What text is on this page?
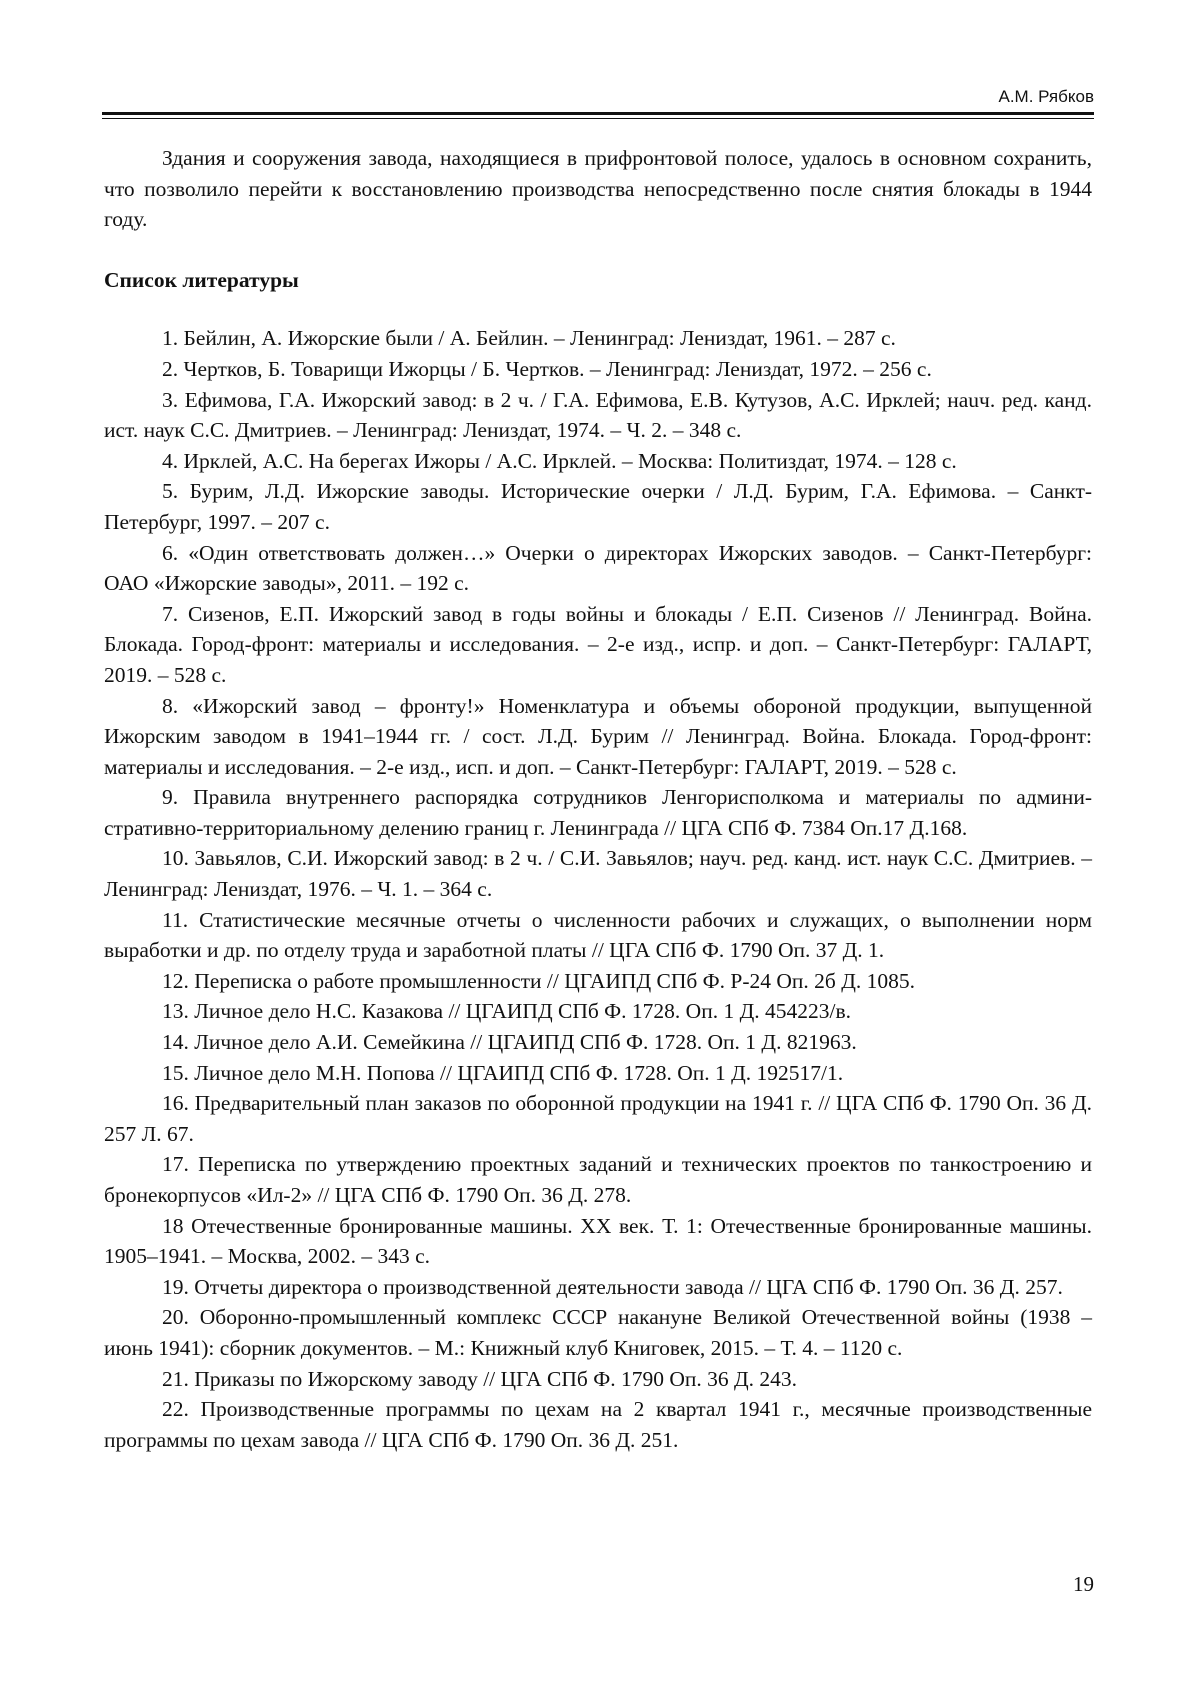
А.М. Рябков

Здания и сооружения завода, находящиеся в прифронтовой полосе, удалось в основном сохранить, что позволило перейти к восстановлению производства непосредственно после снятия блокады в 1944 году.

Список литературы

1. Бейлин, А. Ижорские были / А. Бейлин. – Ленинград: Лениздат, 1961. – 287 с.

2. Чертков, Б. Товарищи Ижорцы / Б. Чертков. – Ленинград: Лениздат, 1972. – 256 с.

3. Ефимова, Г.А. Ижорский завод: в 2 ч. / Г.А. Ефимова, Е.В. Кутузов, А.С. Ирклей; наuч. ред. канд. ист. наук С.С. Дмитриев. – Ленинград: Лениздат, 1974. – Ч. 2. – 348 с.

4. Ирклей, А.С. На берегах Ижоры / А.С. Ирклей. – Москва: Политиздат, 1974. – 128 с.

5. Бурим, Л.Д. Ижорские заводы. Исторические очерки / Л.Д. Бурим, Г.А. Ефимова. – Санкт-Петербург, 1997. – 207 с.

6. «Один ответствовать должен…» Очерки о директорах Ижорских заводов. – Санкт-Петербург: ОАО «Ижорские заводы», 2011. – 192 с.

7. Сизенов, Е.П. Ижорский завод в годы войны и блокады / Е.П. Сизенов // Ленинград. Война. Блокада. Город-фронт: материалы и исследования. – 2-е изд., испр. и доп. – Санкт-Петербург: ГАЛАРТ, 2019. – 528 с.

8. «Ижорский завод – фронту!» Номенклатура и объемы обороной продукции, выпущенной Ижорским заводом в 1941–1944 гг. / сост. Л.Д. Бурим // Ленинград. Война. Блокада. Город-фронт: материалы и исследования. – 2-е изд., исп. и доп. – Санкт-Петербург: ГАЛАРТ, 2019. – 528 с.

9. Правила внутреннего распорядка сотрудников Ленгорисполкома и материалы по административно-территориальному делению границ г. Ленинграда // ЦГА СПб Ф. 7384 Оп.17 Д.168.

10. Завьялов, С.И. Ижорский завод: в 2 ч. / С.И. Завьялов; науч. ред. канд. ист. наук С.С. Дмитриев. – Ленинград: Лениздат, 1976. – Ч. 1. – 364 с.

11. Статистические месячные отчеты о численности рабочих и служащих, о выполнении норм выработки и др. по отделу труда и заработной платы // ЦГА СПб Ф. 1790 Оп. 37 Д. 1.

12. Переписка о работе промышленности // ЦГАИПД СПб Ф. Р-24 Оп. 2б Д. 1085.

13. Личное дело Н.С. Казакова // ЦГАИПД СПб Ф. 1728. Оп. 1 Д. 454223/в.

14. Личное дело А.И. Семейкина // ЦГАИПД СПб Ф. 1728. Оп. 1 Д. 821963.

15. Личное дело М.Н. Попова // ЦГАИПД СПб Ф. 1728. Оп. 1 Д. 192517/1.

16. Предварительный план заказов по оборонной продукции на 1941 г. // ЦГА СПб Ф. 1790 Оп. 36 Д. 257 Л. 67.

17. Переписка по утверждению проектных заданий и технических проектов по танкостроению и бронекорпусов «Ил-2» // ЦГА СПб Ф. 1790 Оп. 36 Д. 278.

18 Отечественные бронированные машины. XX век. Т. 1: Отечественные бронированные машины. 1905–1941. – Москва, 2002. – 343 с.

19. Отчеты директора о производственной деятельности завода // ЦГА СПб Ф. 1790 Оп. 36 Д. 257.

20. Оборонно-промышленный комплекс СССР накануне Великой Отечественной войны (1938 – июнь 1941): сборник документов. – М.: Книжный клуб Книговек, 2015. – Т. 4. – 1120 с.

21. Приказы по Ижорскому заводу // ЦГА СПб Ф. 1790 Оп. 36 Д. 243.

22. Производственные программы по цехам на 2 квартал 1941 г., месячные производственные программы по цехам завода // ЦГА СПб Ф. 1790 Оп. 36 Д. 251.

19
